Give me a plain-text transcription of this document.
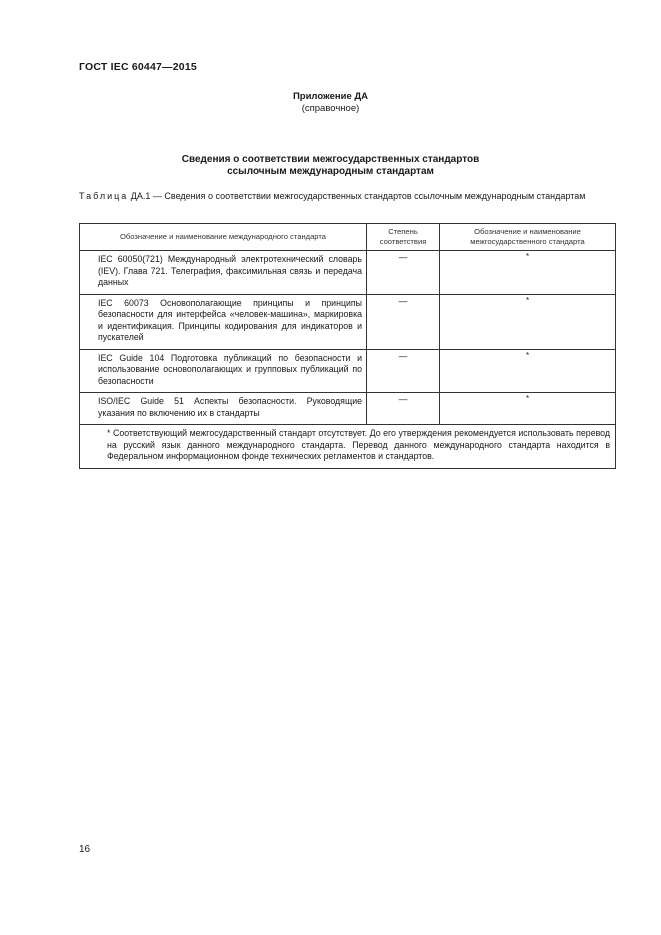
ГОСТ IEC 60447—2015
Приложение ДА
(справочное)
Сведения о соответствии межгосударственных стандартов
ссылочным международным стандартам
Таблица ДА.1 — Сведения о соответствии межгосударственных стандартов ссылочным международным стандартам
Обозначение и наименование международного стандарта	Степень соответствия	Обозначение и наименование межгосударственного стандарта

IEC 60050(721) Международный электротехнический словарь (IEV). Глава 721. Телеграфия, факсимильная связь и передача данных	—	*

IEC 60073 Основополагающие принципы и принципы безопасности для интерфейса «человек-машина», маркировка и идентификация. Принципы кодирования для индикаторов и пускателей	—	*

IEC Guide 104 Подготовка публикаций по безопасности и использование основополагающих и групповых публикаций по безопасности	—	*

ISO/IEC Guide 51 Аспекты безопасности. Руководящие указания по включению их в стандарты	—	*

* Соответствующий межгосударственный стандарт отсутствует. До его утверждения рекомендуется использовать перевод на русский язык данного международного стандарта. Перевод данного международного стандарта находится в Федеральном информационном фонде технических регламентов и стандартов.		
16
